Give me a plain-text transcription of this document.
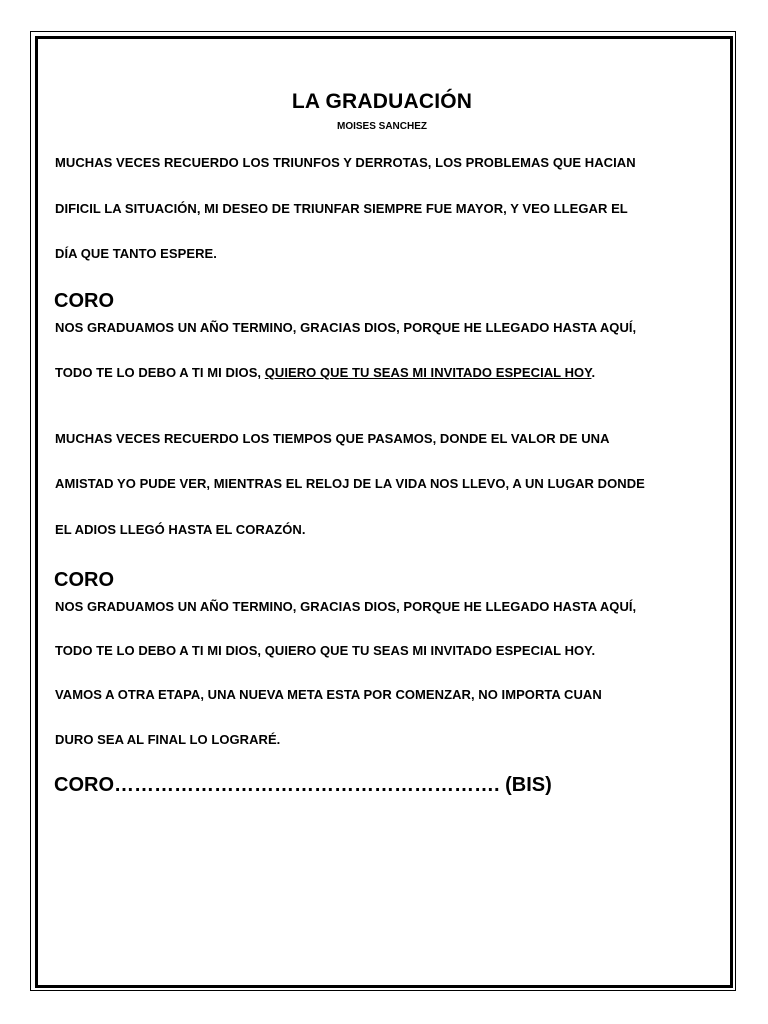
LA GRADUACIÓN
MOISES SANCHEZ
MUCHAS VECES RECUERDO LOS TRIUNFOS Y DERROTAS, LOS PROBLEMAS QUE HACIAN
DIFICIL LA SITUACIÓN, MI DESEO DE TRIUNFAR SIEMPRE FUE MAYOR, Y VEO LLEGAR EL
DÍA QUE TANTO ESPERE.
CORO
NOS GRADUAMOS UN AÑO TERMINO, GRACIAS DIOS, PORQUE HE LLEGADO HASTA AQUÍ,
TODO TE LO DEBO A TI MI DIOS, QUIERO QUE TU SEAS MI INVITADO ESPECIAL HOY.
MUCHAS VECES RECUERDO LOS TIEMPOS QUE PASAMOS, DONDE EL VALOR DE UNA
AMISTAD YO PUDE VER, MIENTRAS EL RELOJ DE LA VIDA NOS LLEVO, A UN LUGAR DONDE
EL ADIOS LLEGÓ HASTA EL CORAZÓN.
CORO
NOS GRADUAMOS UN AÑO TERMINO, GRACIAS DIOS, PORQUE HE LLEGADO HASTA AQUÍ,
TODO TE LO DEBO A TI MI DIOS, QUIERO QUE TU SEAS MI INVITADO ESPECIAL HOY.
VAMOS A OTRA ETAPA, UNA NUEVA META ESTA POR COMENZAR, NO IMPORTA CUAN
DURO SEA AL FINAL LO LOGRARÉ.
CORO…………………………………………………. (BIS)
